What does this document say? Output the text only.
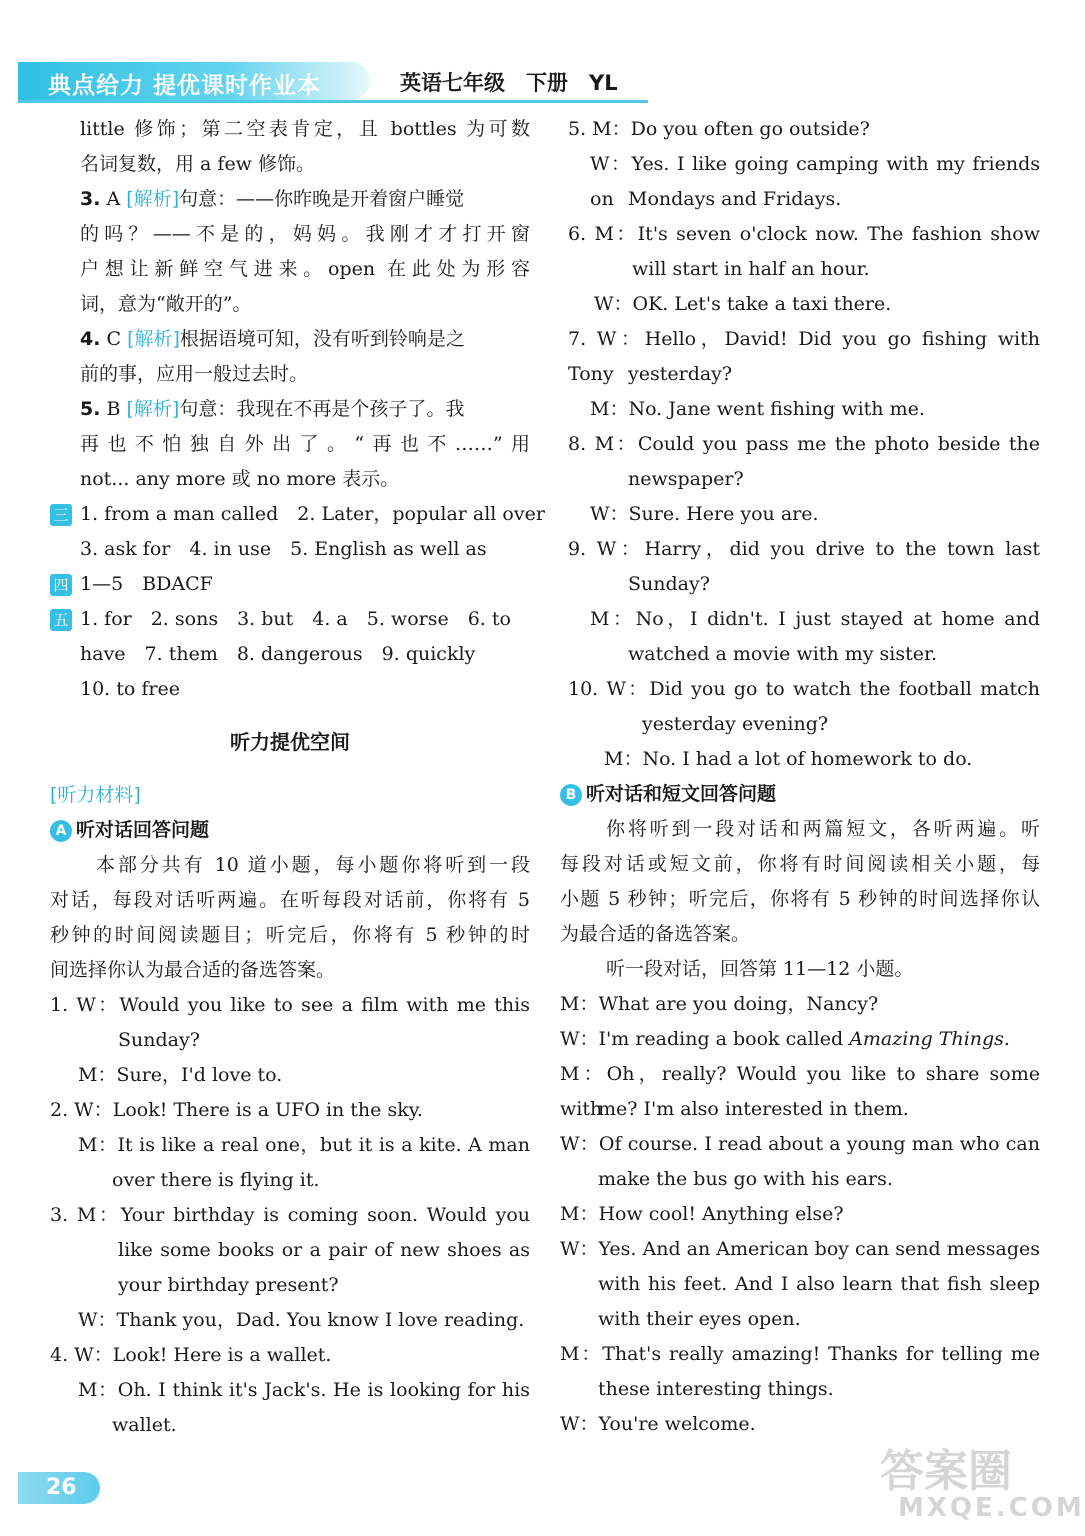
典点给力 提优课时作业本	英语七年级　下册　YL
little 修饰；第二空表肯定，且 bottles 为可数
名词复数，用 a few 修饰。
3. A [解析]句意：——你昨晚是开着窗户睡觉
的吗？——不是的，妈妈。我刚才才打开窗
户想让新鲜空气进来。open 在此处为形容
词，意为“敞开的”。
4. C [解析]根据语境可知，没有听到铃响是之
前的事，应用一般过去时。
5. B [解析]句意：我现在不再是个孩子了。我
再也不怕独自外出了。“再也不……”用
not... any more 或 no more 表示。
三 1. from a man called　2. Later，popular all over
3. ask for　4. in use　5. English as well as
四 1—5　BDACF
五 1. for　2. sons　3. but　4. a　5. worse　6. to
have　7. them　8. dangerous　9. quickly
10. to free
听力提优空间
[听力材料]
A 听对话回答问题
本部分共有 10 道小题，每小题你将听到一段
对话，每段对话听两遍。在听每段对话前，你将有 5
秒钟的时间阅读题目；听完后，你将有 5 秒钟的时
间选择你认为最合适的备选答案。
1. W：Would you like to see a film with me this
Sunday?
M：Sure，I'd love to.
2. W：Look! There is a UFO in the sky.
M：It is like a real one，but it is a kite. A man
over there is flying it.
3. M：Your birthday is coming soon. Would you
like some books or a pair of new shoes as
your birthday present?
W：Thank you，Dad. You know I love reading.
4. W：Look! Here is a wallet.
M：Oh. I think it's Jack's. He is looking for his
wallet.
5. M：Do you often go outside?
W：Yes. I like going camping with my friends on Mondays and Fridays.
6. M：It's seven o'clock now. The fashion show
will start in half an hour.
W：OK. Let's take a taxi there.
7. W：Hello，David! Did you go fishing with Tony yesterday?
M：No. Jane went fishing with me.
8. M：Could you pass me the photo beside the
newspaper?
W：Sure. Here you are.
9. W：Harry，did you drive to the town last
Sunday?
M：No，I didn't. I just stayed at home and
watched a movie with my sister.
10. W：Did you go to watch the football match
yesterday evening?
M：No. I had a lot of homework to do.
B 听对话和短文回答问题
你将听到一段对话和两篇短文，各听两遍。听
每段对话或短文前，你将有时间阅读相关小题，每
小题 5 秒钟；听完后，你将有 5 秒钟的时间选择你认
为最合适的备选答案。
听一段对话，回答第 11—12 小题。
M：What are you doing，Nancy?
W：I'm reading a book called Amazing Things.
M：Oh，really? Would you like to share some with
me? I'm also interested in them.
W：Of course. I read about a young man who can
make the bus go with his ears.
M：How cool! Anything else?
W：Yes. And an American boy can send messages
with his feet. And I also learn that fish sleep
with their eyes open.
M：That's really amazing! Thanks for telling me
these interesting things.
W：You're welcome.
26	答案圈
MXQE.COM
